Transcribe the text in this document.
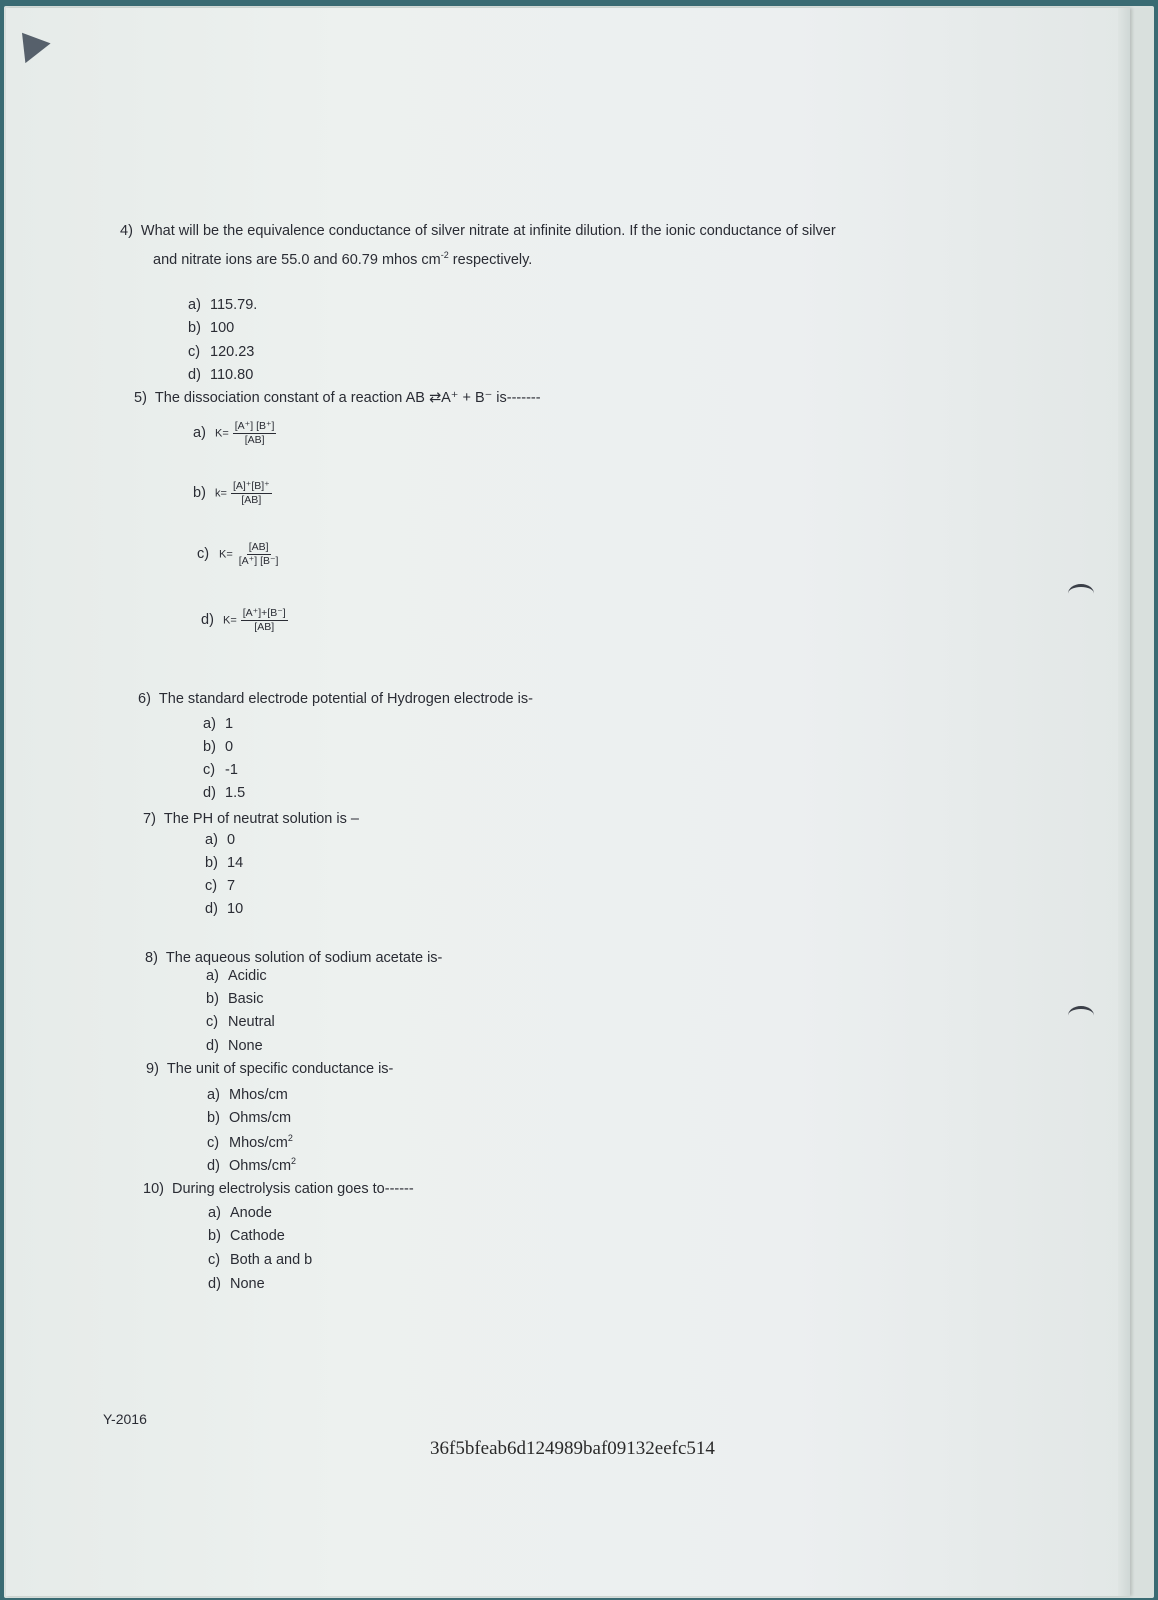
4) What will be the equivalence conductance of silver nitrate at infinite dilution. If the ionic conductance of silver
and nitrate ions are 55.0 and 60.79 mhos $cm^{-2}$ respectively.
a) 115.79.
b) 100
c) 120.23
d) 110.80
5) The dissociation constant of a reaction AB ⇄A⁺ + B⁻ is-------
a) $K= \frac{[A^+] [B^+]}{[AB]}$
b) $k= \frac{[A]^+[B]^+}{[AB]}$
c) $K= \frac{[AB]}{[A^+] [B^-]}$
d) $K= \frac{[A^+]+[B^-]}{[AB]}$
6) The standard electrode potential of Hydrogen electrode is-
a) 1
b) 0
c) -1
d) 1.5
7) The PH of neutrat solution is –
a) 0
b) 14
c) 7
d) 10
8) The aqueous solution of sodium acetate is-
a) Acidic
b) Basic
c) Neutral
d) None
9) The unit of specific conductance is-
a) Mhos/cm
b) Ohms/cm
c) Mhos/$cm^2$
d) Ohms/$cm^2$
10) During electrolysis cation goes to------
a) Anode
b) Cathode
c) Both a and b
d) None
Y-2016
36f5bfeab6d124989baf09132eefc514
